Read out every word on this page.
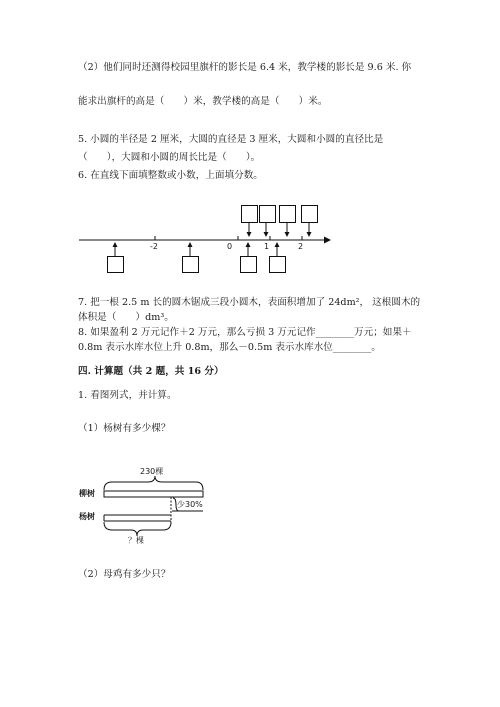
（2）他们同时还测得校园里旗杆的影长是 6.4 米，教学楼的影长是 9.6 米. 你
能求出旗杆的高是（　　）米，教学楼的高是（　　）米。
5. 小圆的半径是 2 厘米，大圆的直径是 3 厘米，大圆和小圆的直径比是
（　　），大圆和小圆的周长比是（　　）。
6. 在直线下面填整数或小数，上面填分数。
-2	0	1	2
7. 把一根 2.5 m 长的圆木锯成三段小圆木，表面积增加了 24dm²， 这根圆木的
体积是（　　）dm³。
8. 如果盈利 2 万元记作＋2 万元，那么亏损 3 万元记作________万元；如果＋
0.8m 表示水库水位上升 0.8m，那么－0.5m 表示水库水位________。
四. 计算题（共 2 题，共 16 分）
1. 看图列式，并计算。
（1）杨树有多少棵？
230棵
柳树
杨树
少30%
？棵
（2）母鸡有多少只？
